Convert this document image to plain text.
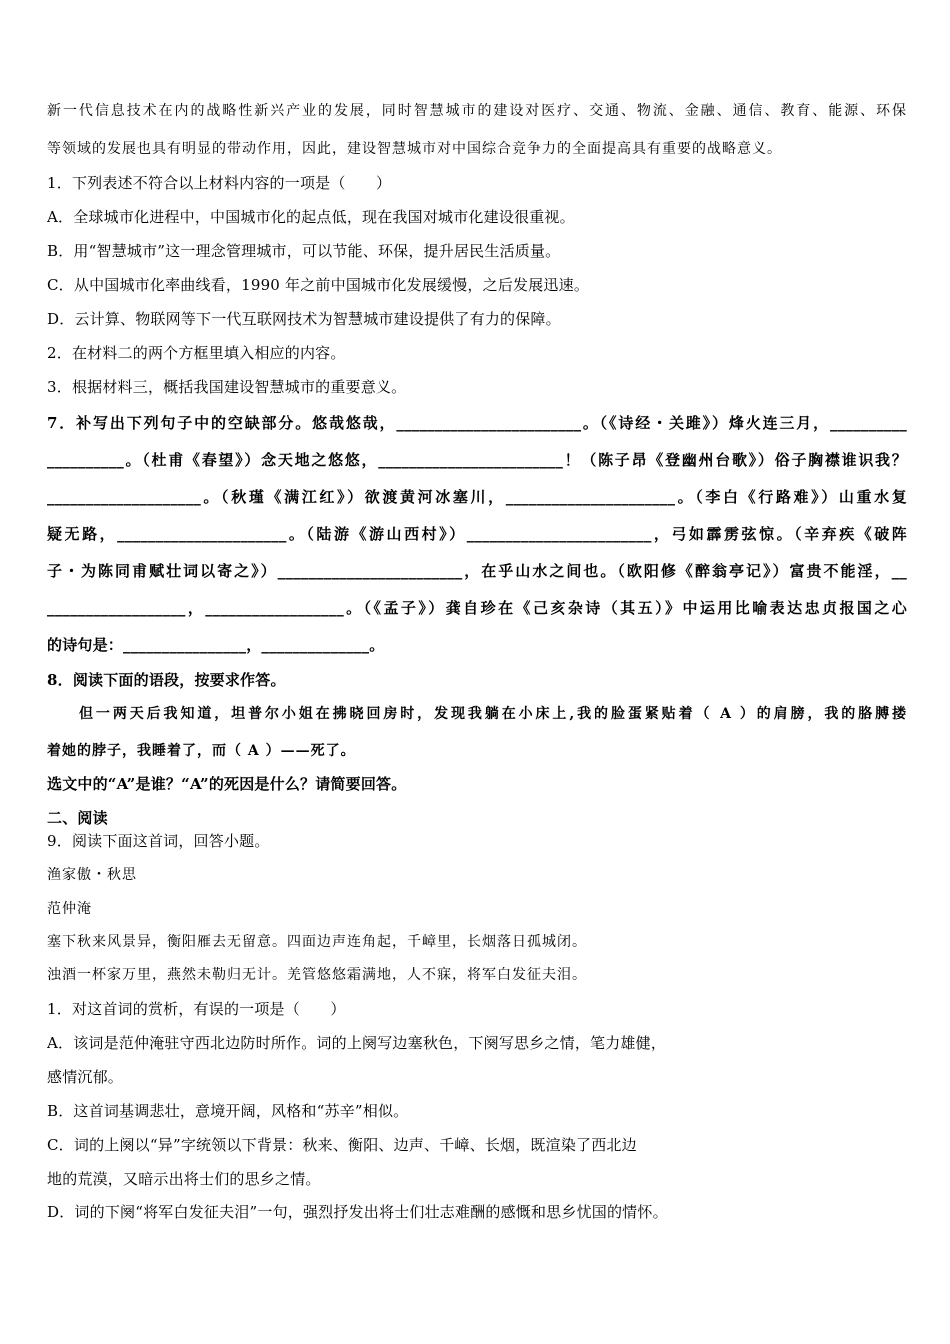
新一代信息技术在内的战略性新兴产业的发展，同时智慧城市的建设对医疗、交通、物流、金融、通信、教育、能源、环保
等领域的发展也具有明显的带动作用，因此，建设智慧城市对中国综合竞争力的全面提高具有重要的战略意义。
1．下列表述不符合以上材料内容的一项是（　　）
A．全球城市化进程中，中国城市化的起点低，现在我国对城市化建设很重视。
B．用“智慧城市”这一理念管理城市，可以节能、环保，提升居民生活质量。
C．从中国城市化率曲线看，1990 年之前中国城市化发展缓慢，之后发展迅速。
D．云计算、物联网等下一代互联网技术为智慧城市建设提供了有力的保障。
2．在材料二的两个方框里填入相应的内容。
3．根据材料三，概括我国建设智慧城市的重要意义。
7．补写出下列句子中的空缺部分。悠哉悠哉，________________________。（《诗经・关雎》）烽火连三月，__________
__________。（杜甫《春望》）念天地之悠悠，________________________！（陈子昂《登幽州台歌》）俗子胸襟谁识我？
____________________。（秋瑾《满江红》）欲渡黄河冰塞川，______________________。（李白《行路难》）山重水复
疑无路，______________________。（陆游《游山西村》）________________________，弓如霹雳弦惊。（辛弃疾《破阵
子・为陈同甫赋壮词以寄之》）________________________，在乎山水之间也。（欧阳修《醉翁亭记》）富贵不能淫，__
__________________，__________________。（《孟子》）龚自珍在《己亥杂诗（其五）》中运用比喻表达忠贞报国之心
的诗句是：________________，______________。
8．阅读下面的语段，按要求作答。
但一两天后我知道，坦普尔小姐在拂晓回房时，发现我躺在小床上,我的脸蛋紧贴着（ A ）的肩膀，我的胳膊搂
着她的脖子，我睡着了，而（ A ）——死了。
选文中的“A”是谁？“A”的死因是什么？请简要回答。
二、阅读
9．阅读下面这首词，回答小题。
渔家傲・秋思
范仲淹
塞下秋来风景异，衡阳雁去无留意。四面边声连角起，千嶂里，长烟落日孤城闭。
浊酒一杯家万里，燕然未勒归无计。羌管悠悠霜满地，人不寐，将军白发征夫泪。
1．对这首词的赏析，有误的一项是（　　）
A．该词是范仲淹驻守西北边防时所作。词的上阕写边塞秋色，下阕写思乡之情，笔力雄健，
感情沉郁。
B．这首词基调悲壮，意境开阔，风格和“苏辛”相似。
C．词的上阕以“异”字统领以下背景：秋来、衡阳、边声、千嶂、长烟，既渲染了西北边
地的荒漠，又暗示出将士们的思乡之情。
D．词的下阕“将军白发征夫泪”一句，强烈抒发出将士们壮志难酬的感慨和思乡忧国的情怀。
